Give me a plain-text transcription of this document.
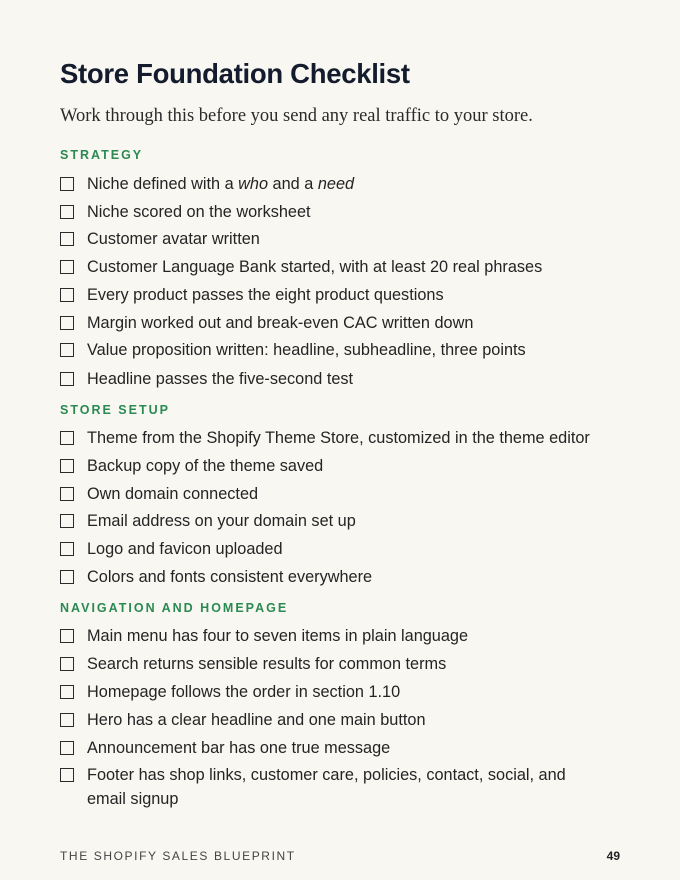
Store Foundation Checklist

Work through this before you send any real traffic to your store.

STRATEGY
Niche defined with a who and a need
Niche scored on the worksheet
Customer avatar written
Customer Language Bank started, with at least 20 real phrases
Every product passes the eight product questions
Margin worked out and break-even CAC written down
Value proposition written: headline, subheadline, three points
Headline passes the five-second test
STORE SETUP
Theme from the Shopify Theme Store, customized in the theme editor
Backup copy of the theme saved
Own domain connected
Email address on your domain set up
Logo and favicon uploaded
Colors and fonts consistent everywhere
NAVIGATION AND HOMEPAGE
Main menu has four to seven items in plain language
Search returns sensible results for common terms
Homepage follows the order in section 1.10
Hero has a clear headline and one main button
Announcement bar has one true message
Footer has shop links, customer care, policies, contact, social, and email signup
THE SHOPIFY SALES BLUEPRINT	49
